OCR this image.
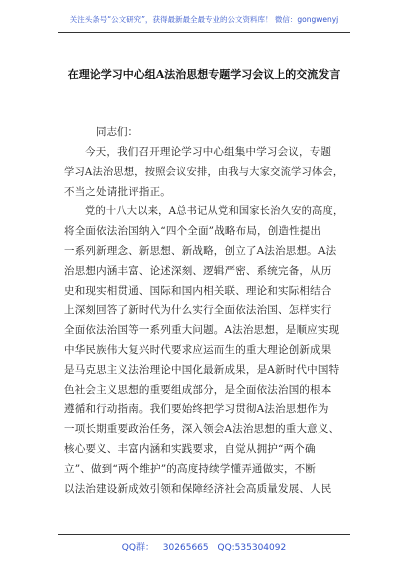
关注头条号“公文研究”，获得最新最全最专业的公文资料库！ 微信：gongwenyj
在理论学习中心组A法治思想专题学习会议上的交流发言
同志们：

今天，我们召开理论学习中心组集中学习会议，专题

学习A法治思想，按照会议安排，由我与大家交流学习体会，

不当之处请批评指正。

党的十八大以来，A总书记从党和国家长治久安的高度，

将全面依法治国纳入“四个全面”战略布局，创造性提出

一系列新理念、新思想、新战略，创立了A法治思想。A法

治思想内涵丰富、论述深刻、逻辑严密、系统完备，从历

史和现实相贯通、国际和国内相关联、理论和实际相结合

上深刻回答了新时代为什么实行全面依法治国、怎样实行

全面依法治国等一系列重大问题。A法治思想，是顺应实现

中华民族伟大复兴时代要求应运而生的重大理论创新成果

是马克思主义法治理论中国化最新成果，是A新时代中国特

色社会主义思想的重要组成部分，是全面依法治国的根本

遵循和行动指南。我们要始终把学习贯彻A法治思想作为

一项长期重要政治任务，深入领会A法治思想的重大意义、

核心要义、丰富内涵和实践要求，自觉从拥护“两个确

立”、做到“两个维护”的高度持续学懂弄通做实，不断

以法治建设新成效引领和保障经济社会高质量发展、人民

QQ群： 30265665 QQ:535304092
